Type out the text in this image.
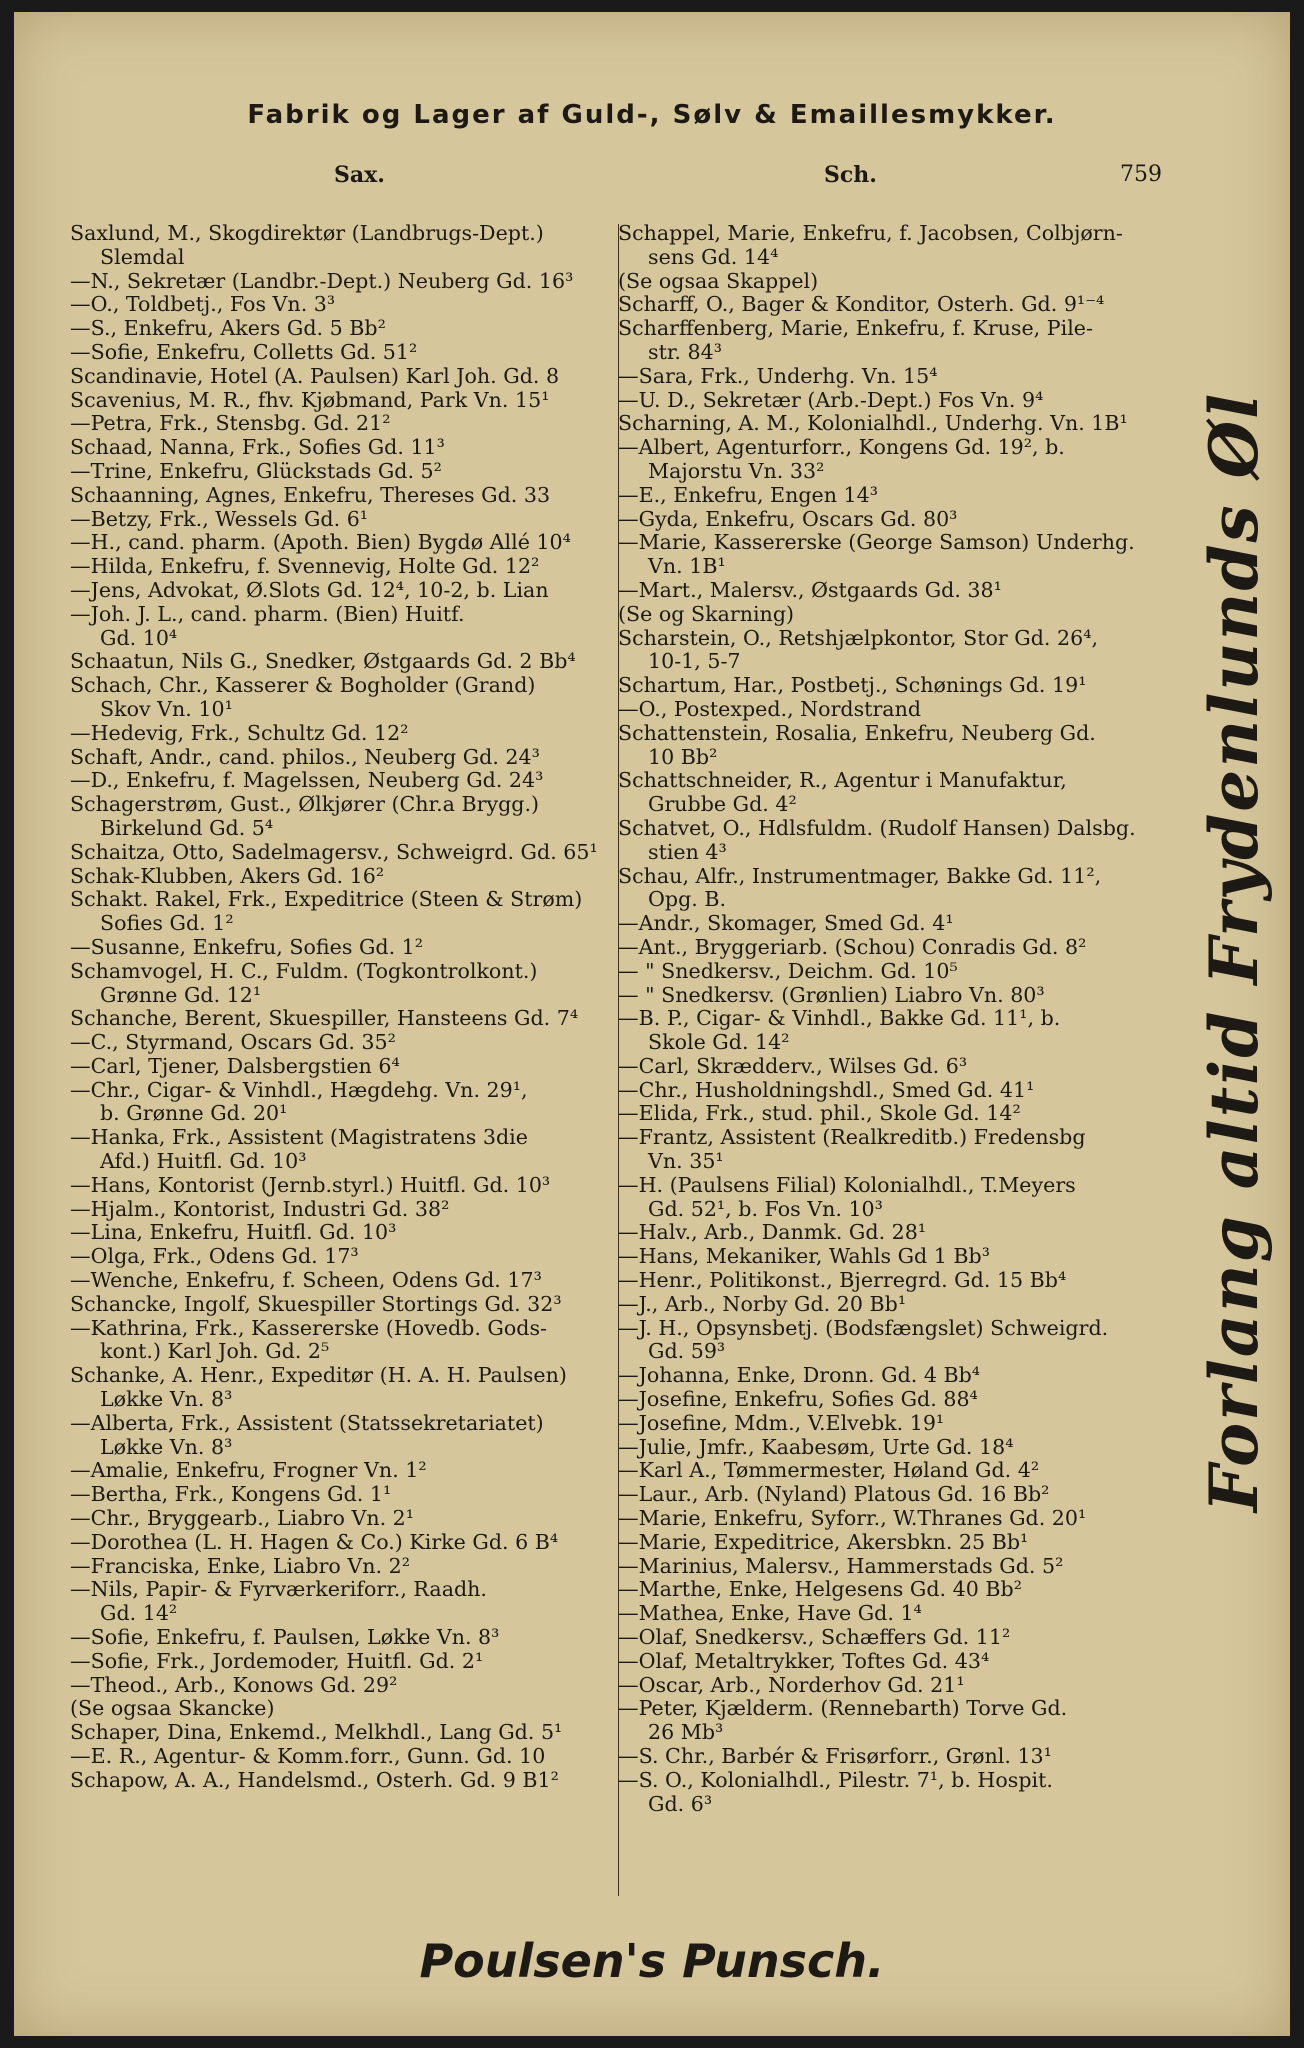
Fabrik og Lager af Guld-, Sølv & Emaillesmykker.
Sax.	Sch.	759
Saxlund, M., Skogdirektør (Landbrugs-Dept.)
Slemdal
—N., Sekretær (Landbr.-Dept.) Neuberg Gd. 16³
—O., Toldbetj., Fos Vn. 3³
—S., Enkefru, Akers Gd. 5 Bb²
—Sofie, Enkefru, Colletts Gd. 51²
Scandinavie, Hotel (A. Paulsen) Karl Joh. Gd. 8
Scavenius, M. R., fhv. Kjøbmand, Park Vn. 15¹
—Petra, Frk., Stensbg. Gd. 21²
Schaad, Nanna, Frk., Sofies Gd. 11³
—Trine, Enkefru, Glückstads Gd. 5²
Schaanning, Agnes, Enkefru, Thereses Gd. 33
—Betzy, Frk., Wessels Gd. 6¹
—H., cand. pharm. (Apoth. Bien) Bygdø Allé 10⁴
—Hilda, Enkefru, f. Svennevig, Holte Gd. 12²
—Jens, Advokat, Ø.Slots Gd. 12⁴, 10-2, b. Lian
—Joh. J. L., cand. pharm. (Bien) Huitf.
Gd. 10⁴
Schaatun, Nils G., Snedker, Østgaards Gd. 2 Bb⁴
Schach, Chr., Kasserer & Bogholder (Grand)
Skov Vn. 10¹
—Hedevig, Frk., Schultz Gd. 12²
Schaft, Andr., cand. philos., Neuberg Gd. 24³
—D., Enkefru, f. Magelssen, Neuberg Gd. 24³
Schagerstrøm, Gust., Ølkjører (Chr.a Brygg.)
Birkelund Gd. 5⁴
Schaitza, Otto, Sadelmagersv., Schweigrd. Gd. 65¹
Schak-Klubben, Akers Gd. 16²
Schakt. Rakel, Frk., Expeditrice (Steen & Strøm)
Sofies Gd. 1²
—Susanne, Enkefru, Sofies Gd. 1²
Schamvogel, H. C., Fuldm. (Togkontrolkont.)
Grønne Gd. 12¹
Schanche, Berent, Skuespiller, Hansteens Gd. 7⁴
—C., Styrmand, Oscars Gd. 35²
—Carl, Tjener, Dalsbergstien 6⁴
—Chr., Cigar- & Vinhdl., Hægdehg. Vn. 29¹,
b. Grønne Gd. 20¹
—Hanka, Frk., Assistent (Magistratens 3die
Afd.) Huitfl. Gd. 10³
—Hans, Kontorist (Jernb.styrl.) Huitfl. Gd. 10³
—Hjalm., Kontorist, Industri Gd. 38²
—Lina, Enkefru, Huitfl. Gd. 10³
—Olga, Frk., Odens Gd. 17³
—Wenche, Enkefru, f. Scheen, Odens Gd. 17³
Schancke, Ingolf, Skuespiller Stortings Gd. 32³
—Kathrina, Frk., Kassererske (Hovedb. Gods-
kont.) Karl Joh. Gd. 2⁵
Schanke, A. Henr., Expeditør (H. A. H. Paulsen)
Løkke Vn. 8³
—Alberta, Frk., Assistent (Statssekretariatet)
Løkke Vn. 8³
—Amalie, Enkefru, Frogner Vn. 1²
—Bertha, Frk., Kongens Gd. 1¹
—Chr., Bryggearb., Liabro Vn. 2¹
—Dorothea (L. H. Hagen & Co.) Kirke Gd. 6 B⁴
—Franciska, Enke, Liabro Vn. 2²
—Nils, Papir- & Fyrværkeriforr., Raadh.
Gd. 14²
—Sofie, Enkefru, f. Paulsen, Løkke Vn. 8³
—Sofie, Frk., Jordemoder, Huitfl. Gd. 2¹
—Theod., Arb., Konows Gd. 29²
(Se ogsaa Skancke)
Schaper, Dina, Enkemd., Melkhdl., Lang Gd. 5¹
—E. R., Agentur- & Komm.forr., Gunn. Gd. 10
Schapow, A. A., Handelsmd., Osterh. Gd. 9 B1²
Schappel, Marie, Enkefru, f. Jacobsen, Colbjørn-
sens Gd. 14⁴
(Se ogsaa Skappel)
Scharff, O., Bager & Konditor, Osterh. Gd. 9¹⁻⁴
Scharffenberg, Marie, Enkefru, f. Kruse, Pile-
str. 84³
—Sara, Frk., Underhg. Vn. 15⁴
—U. D., Sekretær (Arb.-Dept.) Fos Vn. 9⁴
Scharning, A. M., Kolonialhdl., Underhg. Vn. 1B¹
—Albert, Agenturforr., Kongens Gd. 19², b.
Majorstu Vn. 33²
—E., Enkefru, Engen 14³
—Gyda, Enkefru, Oscars Gd. 80³
—Marie, Kassererske (George Samson) Underhg.
Vn. 1B¹
—Mart., Malersv., Østgaards Gd. 38¹
(Se og Skarning)
Scharstein, O., Retshjælpkontor, Stor Gd. 26⁴,
10-1, 5-7
Schartum, Har., Postbetj., Schønings Gd. 19¹
—O., Postexped., Nordstrand
Schattenstein, Rosalia, Enkefru, Neuberg Gd.
10 Bb²
Schattschneider, R., Agentur i Manufaktur,
Grubbe Gd. 4²
Schatvet, O., Hdlsfuldm. (Rudolf Hansen) Dalsbg.
stien 4³
Schau, Alfr., Instrumentmager, Bakke Gd. 11²,
Opg. B.
—Andr., Skomager, Smed Gd. 4¹
—Ant., Bryggeriarb. (Schou) Conradis Gd. 8²
— " Snedkersv., Deichm. Gd. 10⁵
— " Snedkersv. (Grønlien) Liabro Vn. 80³
—B. P., Cigar- & Vinhdl., Bakke Gd. 11¹, b.
Skole Gd. 14²
—Carl, Skrædderv., Wilses Gd. 6³
—Chr., Husholdningshdl., Smed Gd. 41¹
—Elida, Frk., stud. phil., Skole Gd. 14²
—Frantz, Assistent (Realkreditb.) Fredensbg
Vn. 35¹
—H. (Paulsens Filial) Kolonialhdl., T.Meyers
Gd. 52¹, b. Fos Vn. 10³
—Halv., Arb., Danmk. Gd. 28¹
—Hans, Mekaniker, Wahls Gd 1 Bb³
—Henr., Politikonst., Bjerregrd. Gd. 15 Bb⁴
—J., Arb., Norby Gd. 20 Bb¹
—J. H., Opsynsbetj. (Bodsfængslet) Schweigrd.
Gd. 59³
—Johanna, Enke, Dronn. Gd. 4 Bb⁴
—Josefine, Enkefru, Sofies Gd. 88⁴
—Josefine, Mdm., V.Elvebk. 19¹
—Julie, Jmfr., Kaabesøm, Urte Gd. 18⁴
—Karl A., Tømmermester, Høland Gd. 4²
—Laur., Arb. (Nyland) Platous Gd. 16 Bb²
—Marie, Enkefru, Syforr., W.Thranes Gd. 20¹
—Marie, Expeditrice, Akersbkn. 25 Bb¹
—Marinius, Malersv., Hammerstads Gd. 5²
—Marthe, Enke, Helgesens Gd. 40 Bb²
—Mathea, Enke, Have Gd. 1⁴
—Olaf, Snedkersv., Schæffers Gd. 11²
—Olaf, Metaltrykker, Toftes Gd. 43⁴
—Oscar, Arb., Norderhov Gd. 21¹
—Peter, Kjælderm. (Rennebarth) Torve Gd.
26 Mb³
—S. Chr., Barbér & Frisørforr., Grønl. 13¹
—S. O., Kolonialhdl., Pilestr. 7¹, b. Hospit.
Gd. 6³
Forlang altid Frydenlunds Øl
Poulsen's Punsch.
